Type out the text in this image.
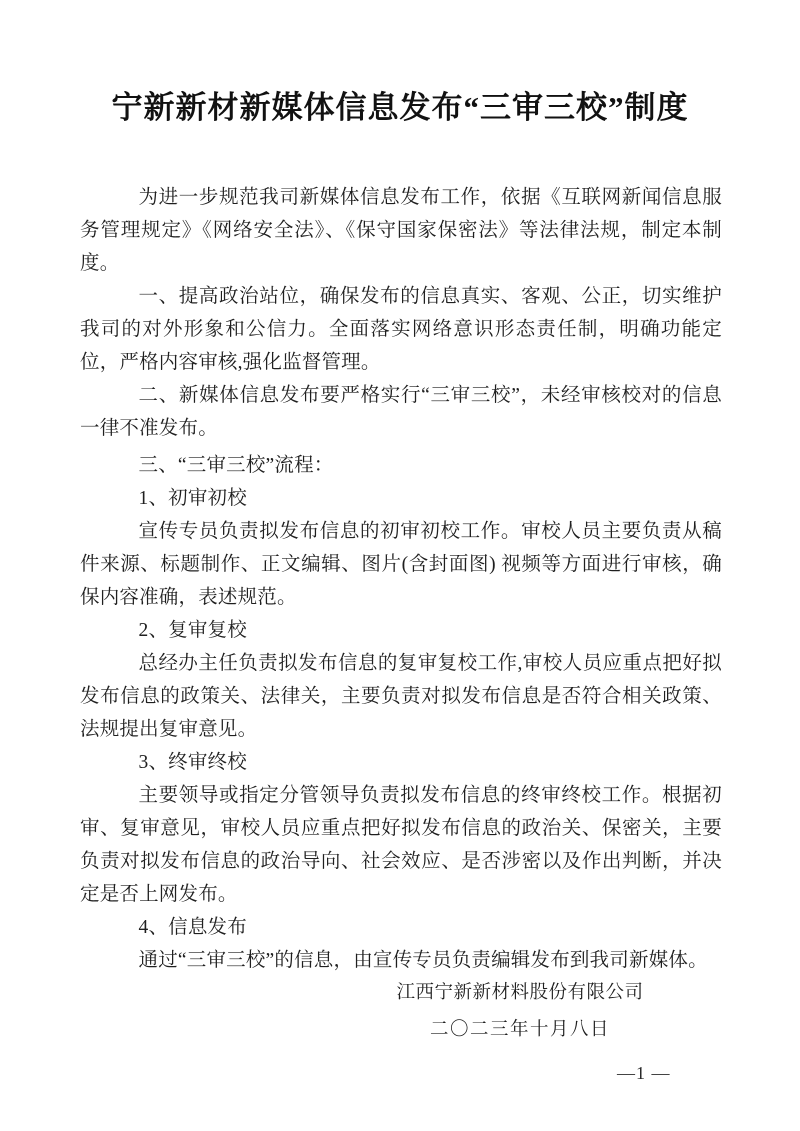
宁新新材新媒体信息发布“三审三校”制度

为进一步规范我司新媒体信息发布工作，依据《互联网新闻信息服务管理规定》《网络安全法》、《保守国家保密法》等法律法规，制定本制度。

一、提高政治站位，确保发布的信息真实、客观、公正，切实维护我司的对外形象和公信力。全面落实网络意识形态责任制，明确功能定位，严格内容审核,强化监督管理。

二、新媒体信息发布要严格实行“三审三校”，未经审核校对的信息一律不准发布。

三、“三审三校”流程：

1、初审初校

宣传专员负责拟发布信息的初审初校工作。审校人员主要负责从稿件来源、标题制作、正文编辑、图片(含封面图) 视频等方面进行审核，确保内容准确，表述规范。

2、复审复校

总经办主任负责拟发布信息的复审复校工作,审校人员应重点把好拟发布信息的政策关、法律关，主要负责对拟发布信息是否符合相关政策、法规提出复审意见。

3、终审终校

主要领导或指定分管领导负责拟发布信息的终审终校工作。根据初审、复审意见，审校人员应重点把好拟发布信息的政治关、保密关，主要负责对拟发布信息的政治导向、社会效应、是否涉密以及作出判断，并决定是否上网发布。

4、信息发布

通过“三审三校”的信息，由宣传专员负责编辑发布到我司新媒体。

江西宁新新材料股份有限公司
二〇二三年十月八日
—1 —
